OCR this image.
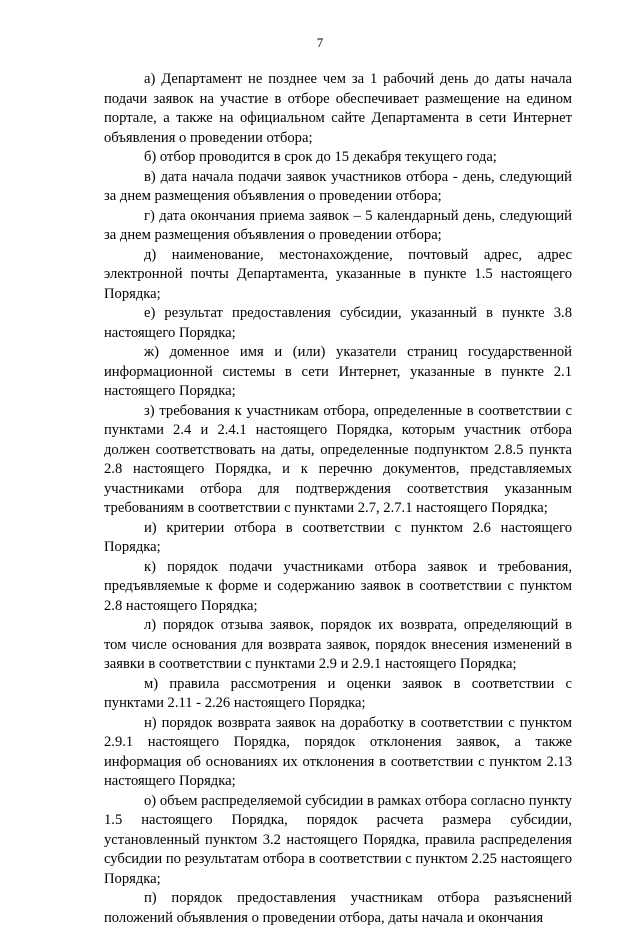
7

а) Департамент не позднее чем за 1 рабочий день до даты начала подачи заявок на участие в отборе обеспечивает размещение на едином портале, а также на официальном сайте Департамента в сети Интернет объявления о проведении отбора;

б) отбор проводится в срок до 15 декабря текущего года;

в) дата начала подачи заявок участников отбора - день, следующий за днем размещения объявления о проведении отбора;

г) дата окончания приема заявок – 5 календарный день, следующий за днем размещения объявления о проведении отбора;

д) наименование, местонахождение, почтовый адрес, адрес электронной почты Департамента, указанные в пункте 1.5 настоящего Порядка;

е) результат предоставления субсидии, указанный в пункте 3.8 настоящего Порядка;

ж) доменное имя и (или) указатели страниц государственной информационной системы в сети Интернет, указанные в пункте 2.1 настоящего Порядка;

з) требования к участникам отбора, определенные в соответствии с пунктами 2.4 и 2.4.1 настоящего Порядка, которым участник отбора должен соответствовать на даты, определенные подпунктом 2.8.5 пункта 2.8 настоящего Порядка, и к перечню документов, представляемых участниками отбора для подтверждения соответствия указанным требованиям в соответствии с пунктами 2.7, 2.7.1 настоящего Порядка;

и) критерии отбора в соответствии с пунктом 2.6 настоящего Порядка;

к) порядок подачи участниками отбора заявок и требования, предъявляемые к форме и содержанию заявок в соответствии с пунктом 2.8 настоящего Порядка;

л) порядок отзыва заявок, порядок их возврата, определяющий в том числе основания для возврата заявок, порядок внесения изменений в заявки в соответствии с пунктами 2.9 и 2.9.1 настоящего Порядка;

м) правила рассмотрения и оценки заявок в соответствии с пунктами 2.11 - 2.26 настоящего Порядка;

н) порядок возврата заявок на доработку в соответствии с пунктом 2.9.1 настоящего Порядка, порядок отклонения заявок, а также информация об основаниях их отклонения в соответствии с пунктом 2.13 настоящего Порядка;

о) объем распределяемой субсидии в рамках отбора согласно пункту 1.5 настоящего Порядка, порядок расчета размера субсидии, установленный пунктом 3.2 настоящего Порядка, правила распределения субсидии по результатам отбора в соответствии с пунктом 2.25 настоящего Порядка;

п) порядок предоставления участникам отбора разъяснений положений объявления о проведении отбора, даты начала и окончания
